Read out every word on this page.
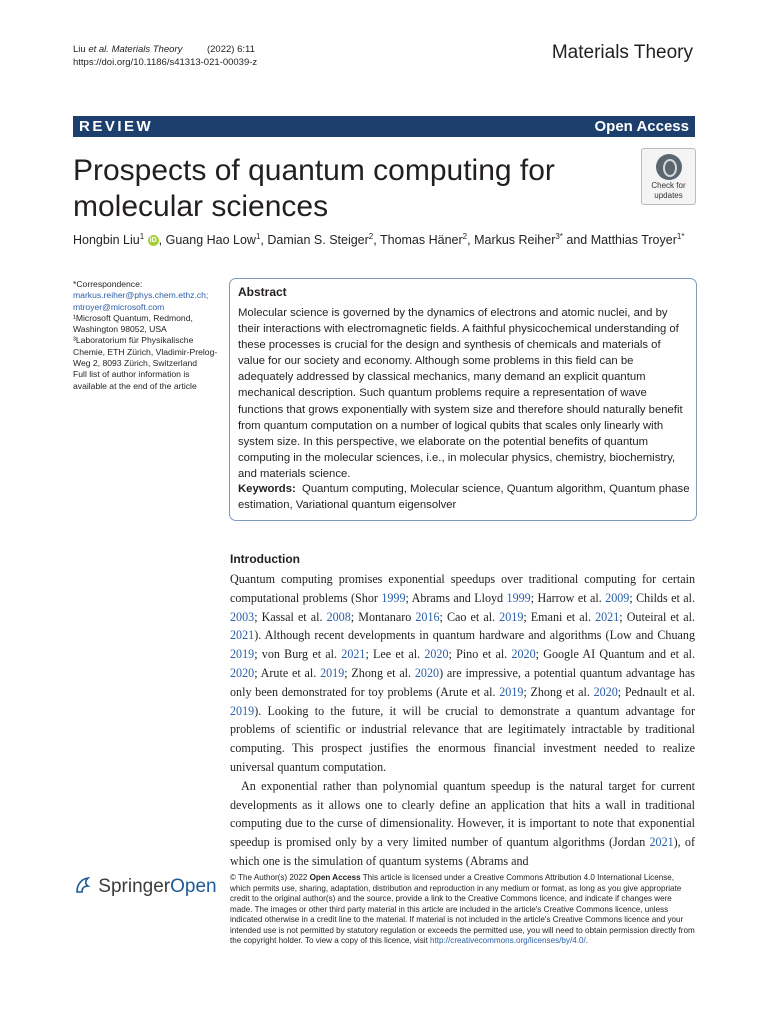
Liu et al. Materials Theory	(2022) 6:11
https://doi.org/10.1186/s41313-021-00039-z	Materials Theory
REVIEW	Open Access
Prospects of quantum computing for molecular sciences
Check for
updates
Hongbin Liu$^1$ iD , Guang Hao Low$^1$, Damian S. Steiger$^2$, Thomas Häner$^2$, Markus Reiher$^{3*}$ and Matthias Troyer$^{1*}$
*Correspondence:
markus.reiher@phys.chem.ethz.ch;
mtroyer@microsoft.com
¹Microsoft Quantum, Redmond, Washington 98052, USA
³Laboratorium für Physikalische Chemie, ETH Zürich, Vladimir-Prelog-Weg 2, 8093 Zürich, Switzerland
Full list of author information is available at the end of the article
Abstract
Molecular science is governed by the dynamics of electrons and atomic nuclei, and by their interactions with electromagnetic fields. A faithful physicochemical understanding of these processes is crucial for the design and synthesis of chemicals and materials of value for our society and economy. Although some problems in this field can be adequately addressed by classical mechanics, many demand an explicit quantum mechanical description. Such quantum problems require a representation of wave functions that grows exponentially with system size and therefore should naturally benefit from quantum computation on a number of logical qubits that scales only linearly with system size. In this perspective, we elaborate on the potential benefits of quantum computing in the molecular sciences, i.e., in molecular physics, chemistry, biochemistry, and materials science.
Keywords: Quantum computing, Molecular science, Quantum algorithm, Quantum phase estimation, Variational quantum eigensolver
Introduction

Quantum computing promises exponential speedups over traditional computing for certain computational problems (Shor 1999; Abrams and Lloyd 1999; Harrow et al. 2009; Childs et al. 2003; Kassal et al. 2008; Montanaro 2016; Cao et al. 2019; Emani et al. 2021; Outeiral et al. 2021). Although recent developments in quantum hardware and algorithms (Low and Chuang 2019; von Burg et al. 2021; Lee et al. 2020; Pino et al. 2020; Google AI Quantum and et al. 2020; Arute et al. 2019; Zhong et al. 2020) are impressive, a potential quantum advantage has only been demonstrated for toy problems (Arute et al. 2019; Zhong et al. 2020; Pednault et al. 2019). Looking to the future, it will be crucial to demonstrate a quantum advantage for problems of scientific or industrial relevance that are legitimately intractable by traditional computing. This prospect justifies the enormous financial investment needed to realize universal quantum computation.

An exponential rather than polynomial quantum speedup is the natural target for current developments as it allows one to clearly define an application that hits a wall in traditional computing due to the curse of dimensionality. However, it is important to note that exponential speedup is promised only by a very limited number of quantum algorithms (Jordan 2021), of which one is the simulation of quantum systems (Abrams and

SpringerOpen © The Author(s) 2022 Open Access This article is licensed under a Creative Commons Attribution 4.0 International License, which permits use, sharing, adaptation, distribution and reproduction in any medium or format, as long as you give appropriate credit to the original author(s) and the source, provide a link to the Creative Commons licence, and indicate if changes were made. The images or other third party material in this article are included in the article's Creative Commons licence, unless indicated otherwise in a credit line to the material. If material is not included in the article's Creative Commons licence and your intended use is not permitted by statutory regulation or exceeds the permitted use, you will need to obtain permission directly from the copyright holder. To view a copy of this licence, visit http://creativecommons.org/licenses/by/4.0/.
